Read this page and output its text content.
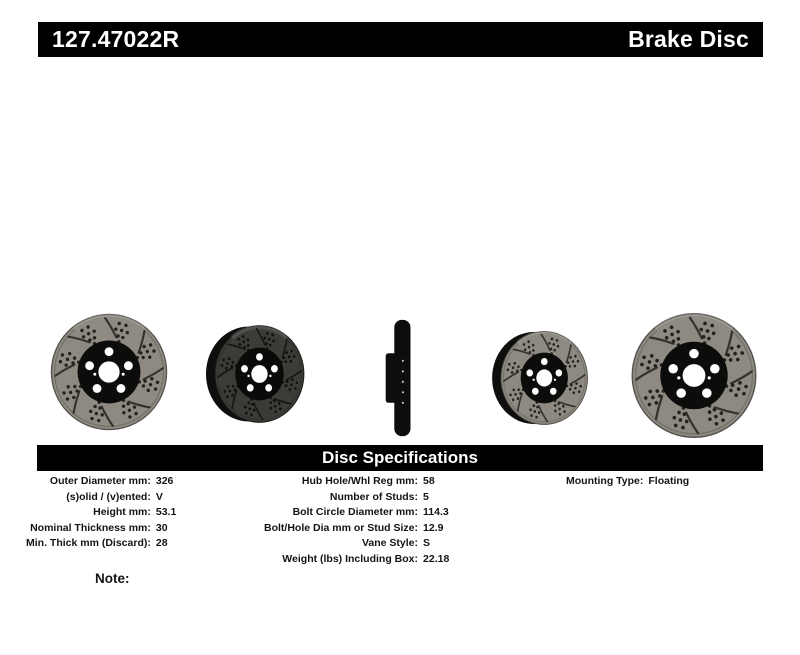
127.47022R	Brake Disc
Disc Specifications
Outer Diameter mm:	326
(s)olid / (v)ented:	V
Height mm:	53.1
Nominal Thickness mm:	30
Min. Thick mm (Discard):	28
Hub Hole/Whl Reg mm:	58
Number of Studs:	5
Bolt Circle Diameter mm:	114.3
Bolt/Hole Dia mm or Stud Size:	12.9
Vane Style:	S
Weight (lbs) Including Box:	22.18
Mounting Type:	Floating
Note:
